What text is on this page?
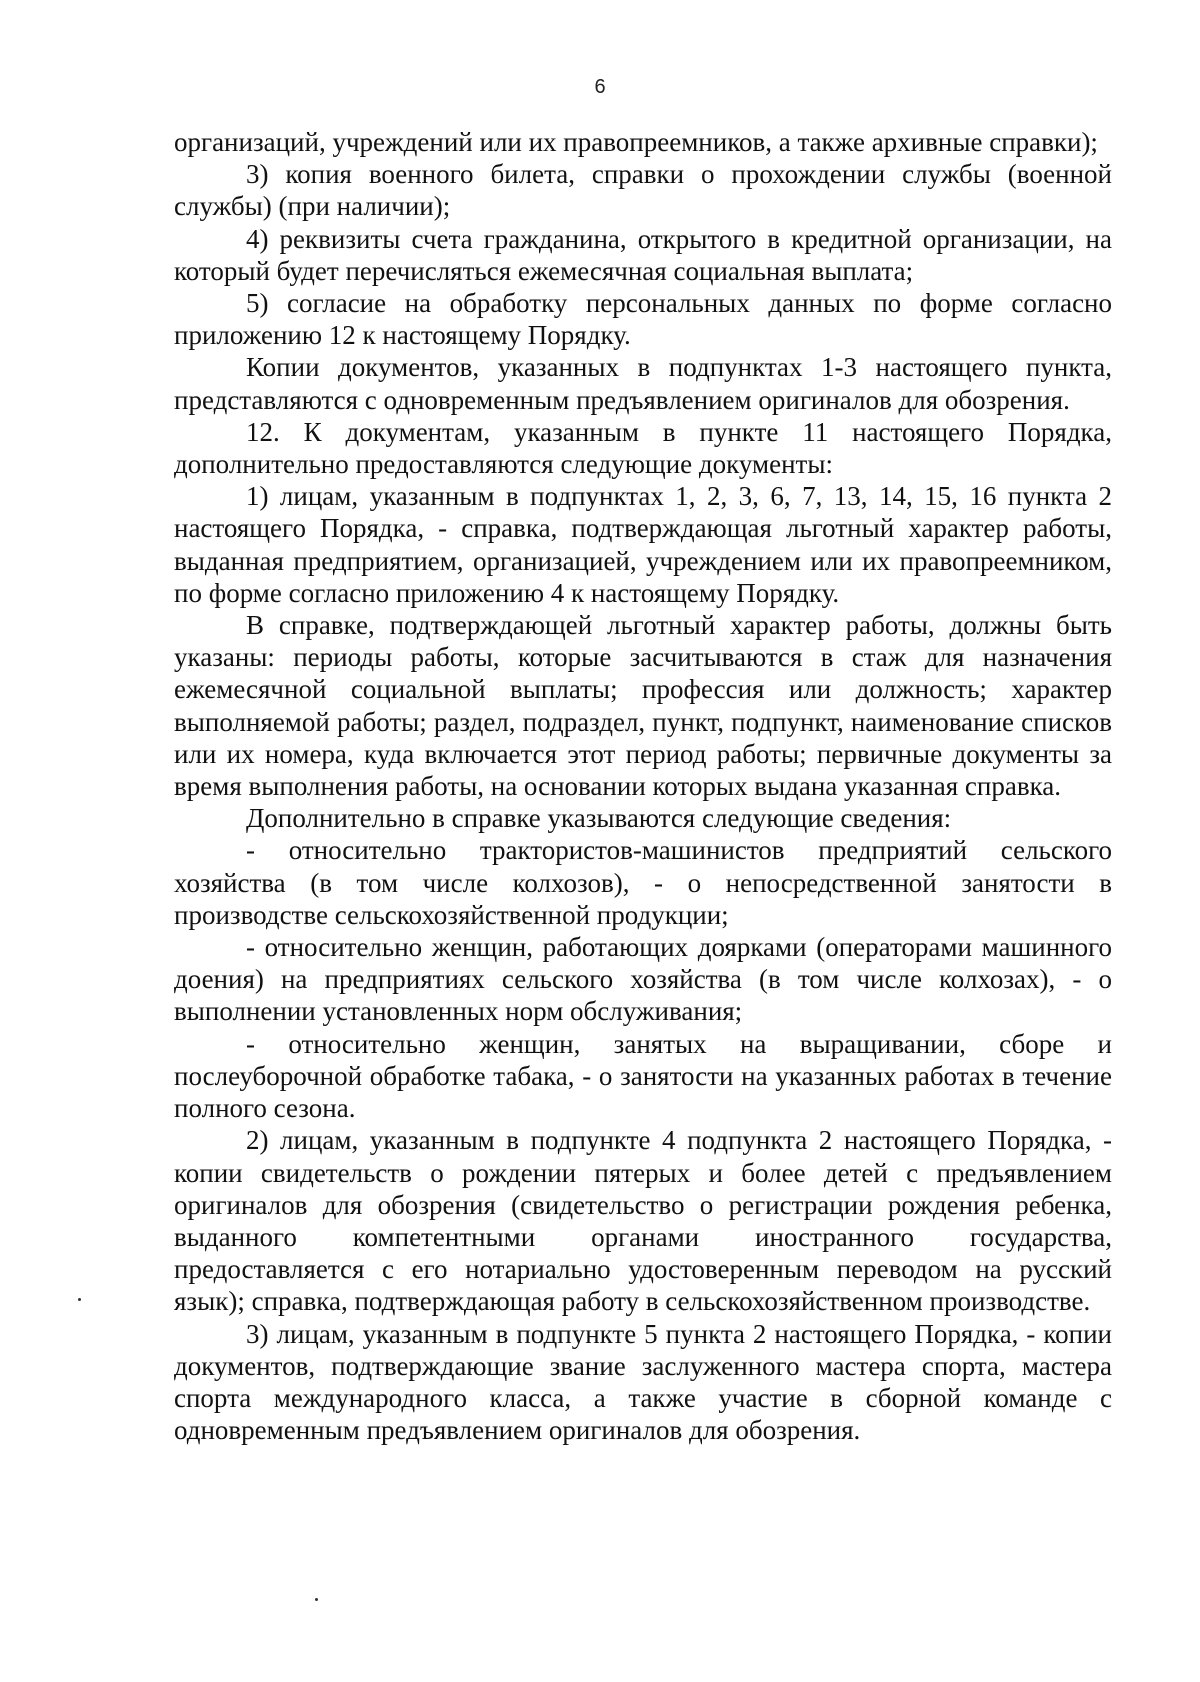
6

организаций, учреждений или их правопреемников, а также архивные справки);

3) копия военного билета, справки о прохождении службы (военной службы) (при наличии);

4) реквизиты счета гражданина, открытого в кредитной организации, на который будет перечисляться ежемесячная социальная выплата;

5) согласие на обработку персональных данных по форме согласно приложению 12 к настоящему Порядку.

Копии документов, указанных в подпунктах 1-3 настоящего пункта, представляются с одновременным предъявлением оригиналов для обозрения.

12. К документам, указанным в пункте 11 настоящего Порядка, дополнительно предоставляются следующие документы:

1) лицам, указанным в подпунктах 1, 2, 3, 6, 7, 13, 14, 15, 16 пункта 2 настоящего Порядка, - справка, подтверждающая льготный характер работы, выданная предприятием, организацией, учреждением или их правопреемником, по форме согласно приложению 4 к настоящему Порядку.

В справке, подтверждающей льготный характер работы, должны быть указаны: периоды работы, которые засчитываются в стаж для назначения ежемесячной социальной выплаты; профессия или должность; характер выполняемой работы; раздел, подраздел, пункт, подпункт, наименование списков или их номера, куда включается этот период работы; первичные документы за время выполнения работы, на основании которых выдана указанная справка.

Дополнительно в справке указываются следующие сведения:

- относительно трактористов-машинистов предприятий сельского хозяйства (в том числе колхозов), - о непосредственной занятости в производстве сельскохозяйственной продукции;

- относительно женщин, работающих доярками (операторами машинного доения) на предприятиях сельского хозяйства (в том числе колхозах), - о выполнении установленных норм обслуживания;

- относительно женщин, занятых на выращивании, сборе и послеуборочной обработке табака, - о занятости на указанных работах в течение полного сезона.

2) лицам, указанным в подпункте 4 подпункта 2 настоящего Порядка, - копии свидетельств о рождении пятерых и более детей с предъявлением оригиналов для обозрения (свидетельство о регистрации рождения ребенка, выданного компетентными органами иностранного государства, предоставляется с его нотариально удостоверенным переводом на русский язык); справка, подтверждающая работу в сельскохозяйственном производстве.

3) лицам, указанным в подпункте 5 пункта 2 настоящего Порядка, - копии документов, подтверждающие звание заслуженного мастера спорта, мастера спорта международного класса, а также участие в сборной команде с одновременным предъявлением оригиналов для обозрения.
